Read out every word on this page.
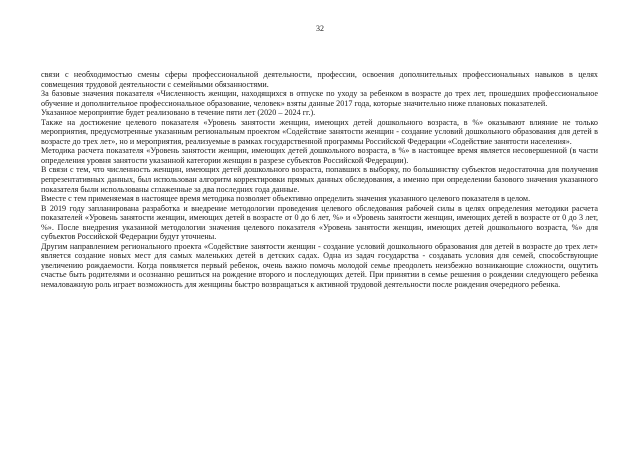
32

связи с необходимостью смены сферы профессиональной деятельности, профессии, освоения дополнительных профессиональных навыков в целях совмещения трудовой деятельности с семейными обязанностями.

За базовые значения показателя «Численность женщин, находящихся в отпуске по уходу за ребенком в возрасте до трех лет, прошедших профессиональное обучение и дополнительное профессиональное образование, человек» взяты данные 2017 года, которые значительно ниже плановых показателей.

Указанное мероприятие будет реализовано в течение пяти лет (2020 – 2024 гг.).

Также на достижение целевого показателя «Уровень занятости женщин, имеющих детей дошкольного возраста, в %» оказывают влияние не только мероприятия, предусмотренные указанным региональным проектом «Содействие занятости женщин - создание условий дошкольного образования для детей в возрасте до трех лет», но и мероприятия, реализуемые в рамках государственной программы Российской Федерации «Содействие занятости населения».

Методика расчета показателя «Уровень занятости женщин, имеющих детей дошкольного возраста, в %» в настоящее время является несовершенной (в части определения уровня занятости указанной категории женщин в разрезе субъектов Российской Федерации).

В связи с тем, что численность женщин, имеющих детей дошкольного возраста, попавших в выборку, по большинству субъектов недостаточна для получения репрезентативных данных, был использован алгоритм корректировки прямых данных обследования, а именно при определении базового значения указанного показателя были использованы сглаженные за два последних года данные.

Вместе с тем применяемая в настоящее время методика позволяет объективно определить значения указанного целевого показателя в целом.

В 2019 году запланирована разработка и внедрение методологии проведения целевого обследования рабочей силы в целях определения методики расчета показателей «Уровень занятости женщин, имеющих детей в возрасте от 0 до 6 лет, %» и «Уровень занятости женщин, имеющих детей в возрасте от 0 до 3 лет, %». После внедрения указанной методологии значения целевого показателя «Уровень занятости женщин, имеющих детей дошкольного возраста, %» для субъектов Российской Федерации будут уточнены.

Другим направлением регионального проекта «Содействие занятости женщин - создание условий дошкольного образования для детей в возрасте до трех лет» является создание новых мест для самых маленьких детей в детских садах. Одна из задач государства - создавать условия для семей, способствующие увеличению рождаемости. Когда появляется первый ребенок, очень важно помочь молодой семье преодолеть неизбежно возникающие сложности, ощутить счастье быть родителями и осознанно решиться на рождение второго и последующих детей. При принятии в семье решения о рождении следующего ребенка немаловажную роль играет возможность для женщины быстро возвращаться к активной трудовой деятельности после рождения очередного ребенка.
